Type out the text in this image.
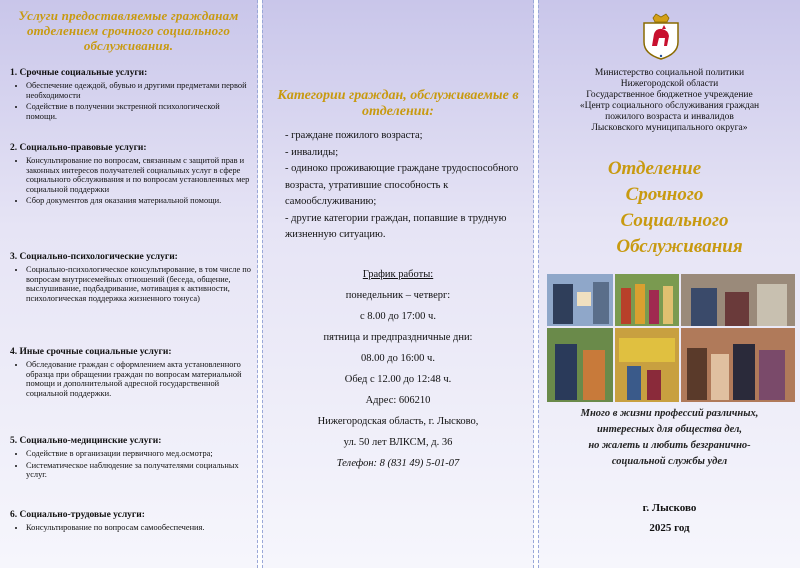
Услуги предоставляемые гражданам отделением срочного социального обслуживания.
1. Срочные социальные услуги:
• Обеспечение одеждой, обувью и другими предметами первой необходимости
• Содействие в получении экстренной психологической помощи.
2. Социально-правовые услуги:
• Консультирование по вопросам, связанным с защитой прав и законных интересов получателей социальных услуг в сфере социального обслуживания и по вопросам установленных мер социальной поддержки
• Сбор документов для оказания материальной помощи.
3. Социально-психологические услуги:
• Социально-психологическое консультирование, в том числе по вопросам внутрисемейных отношений (беседа, общение, выслушивание, подбадривание, мотивация к активности, психологическая поддержка жизненного тонуса)
4. Иные срочные социальные услуги:
• Обследование граждан с оформлением акта установленного образца при обращении граждан по вопросам материальной помощи и дополнительной адресной государственной социальной поддержки.
5. Социально-медицинские услуги:
• Содействие в организации первичного мед.осмотра;
• Систематическое наблюдение за получателями социальных услуг.
6. Социально-трудовые услуги:
• Консультирование по вопросам самообеспечения.
Категории граждан, обслуживаемые в отделении:
- граждане пожилого возраста;
- инвалиды;
- одиноко проживающие граждане трудоспособного возраста, утратившие способность к самообслуживанию;
- другие категории граждан, попавшие в трудную жизненную ситуацию.
График работы:
понедельник – четверг:
с 8.00 до 17:00 ч.
пятница и предпраздничные дни:
08.00 до 16:00 ч.
Обед с 12.00 до 12:48 ч.
Адрес: 606210
Нижегородская область, г. Лысково,
ул. 50 лет ВЛКСМ, д. 36
Телефон: 8 (831 49) 5-01-07
Министерство социальной политики
Нижегородской области
Государственное бюджетное учреждение
«Центр социального обслуживания граждан
пожилого возраста и инвалидов
Лысковского муниципального округа»
Отделение
Срочного
Социального
Обслуживания
Много в жизни профессий различных,
интересных для общества дел,
но жалеть и любить безгранично-
социальной службы удел
г. Лысково
2025 год
